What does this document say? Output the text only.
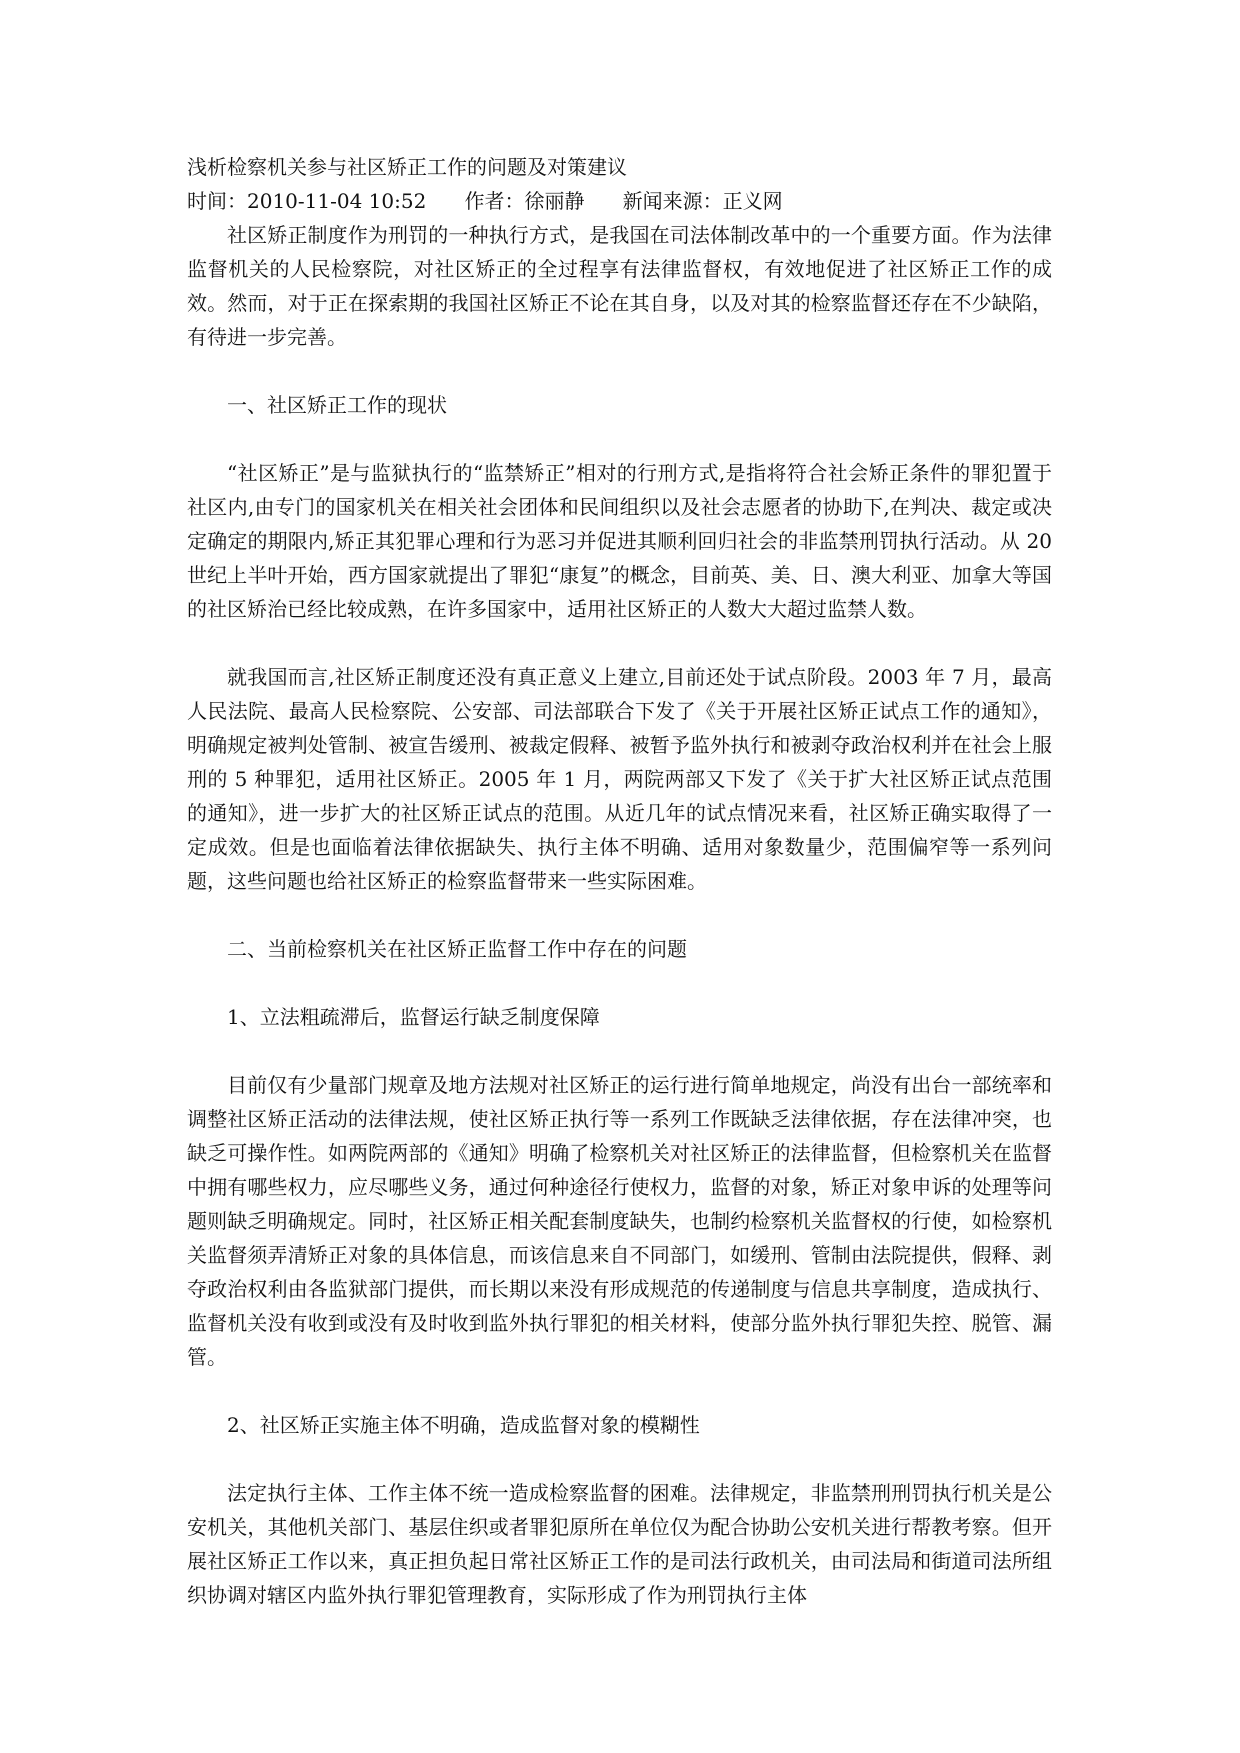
浅析检察机关参与社区矫正工作的问题及对策建议

时间：2010-11-04 10:52      作者：徐丽静      新闻来源：正义网

社区矫正制度作为刑罚的一种执行方式，是我国在司法体制改革中的一个重要方面。作为法律监督机关的人民检察院，对社区矫正的全过程享有法律监督权，有效地促进了社区矫正工作的成效。然而，对于正在探索期的我国社区矫正不论在其自身，以及对其的检察监督还存在不少缺陷，有待进一步完善。

一、社区矫正工作的现状

“社区矫正”是与监狱执行的“监禁矫正”相对的行刑方式,是指将符合社会矫正条件的罪犯置于社区内,由专门的国家机关在相关社会团体和民间组织以及社会志愿者的协助下,在判决、裁定或决定确定的期限内,矫正其犯罪心理和行为恶习并促进其顺利回归社会的非监禁刑罚执行活动。从 20 世纪上半叶开始，西方国家就提出了罪犯“康复”的概念，目前英、美、日、澳大利亚、加拿大等国的社区矫治已经比较成熟，在许多国家中，适用社区矫正的人数大大超过监禁人数。

就我国而言,社区矫正制度还没有真正意义上建立,目前还处于试点阶段。2003 年 7 月，最高人民法院、最高人民检察院、公安部、司法部联合下发了《关于开展社区矫正试点工作的通知》，明确规定被判处管制、被宣告缓刑、被裁定假释、被暂予监外执行和被剥夺政治权利并在社会上服刑的 5 种罪犯，适用社区矫正。2005 年 1 月，两院两部又下发了《关于扩大社区矫正试点范围的通知》，进一步扩大的社区矫正试点的范围。从近几年的试点情况来看，社区矫正确实取得了一定成效。但是也面临着法律依据缺失、执行主体不明确、适用对象数量少，范围偏窄等一系列问题，这些问题也给社区矫正的检察监督带来一些实际困难。

二、当前检察机关在社区矫正监督工作中存在的问题

1、立法粗疏滞后，监督运行缺乏制度保障

目前仅有少量部门规章及地方法规对社区矫正的运行进行简单地规定，尚没有出台一部统率和调整社区矫正活动的法律法规，使社区矫正执行等一系列工作既缺乏法律依据，存在法律冲突，也缺乏可操作性。如两院两部的《通知》明确了检察机关对社区矫正的法律监督，但检察机关在监督中拥有哪些权力，应尽哪些义务，通过何种途径行使权力，监督的对象，矫正对象申诉的处理等问题则缺乏明确规定。同时，社区矫正相关配套制度缺失，也制约检察机关监督权的行使，如检察机关监督须弄清矫正对象的具体信息，而该信息来自不同部门，如缓刑、管制由法院提供，假释、剥夺政治权利由各监狱部门提供，而长期以来没有形成规范的传递制度与信息共享制度，造成执行、监督机关没有收到或没有及时收到监外执行罪犯的相关材料，使部分监外执行罪犯失控、脱管、漏管。

2、社区矫正实施主体不明确，造成监督对象的模糊性

法定执行主体、工作主体不统一造成检察监督的困难。法律规定，非监禁刑刑罚执行机关是公安机关，其他机关部门、基层住织或者罪犯原所在单位仅为配合协助公安机关进行帮教考察。但开展社区矫正工作以来，真正担负起日常社区矫正工作的是司法行政机关，由司法局和街道司法所组织协调对辖区内监外执行罪犯管理教育，实际形成了作为刑罚执行主体
